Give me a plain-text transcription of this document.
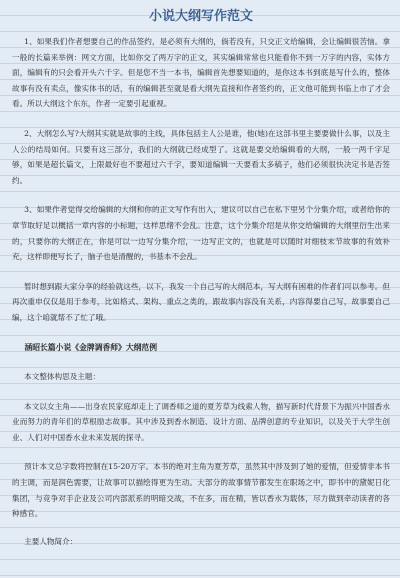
小说大纲写作范文

1、如果我们作者想要自己的作品签约，是必须有大纲的，倘若没有，只交正文给编辑，会让编辑很苦恼。拿一般的长篇来举例：网文方面，比如你交了两万字的正文，其实编辑常常也只能看你不到一万字的内容，实体方面，编辑有的只会看开头六千字。但是您不当一本书，编辑首先想要知道的，是你这本书到底是写什么的，整体故事有没有卖点，像实体书的话，有的编辑甚至就是看大纲先直接和作者签约的，正文他可能到书临上市了才会看。所以大纲这个东东，作者一定要引起重视。

2、大纲怎么写?大纲其实就是故事的主线，具体包括主人公是谁，他(她)在这部书里主要要做什么事，以及主人公的结局如何。只要有这三部分，我们的大纲就已经成型了。这就是要交给编辑看的大纲，一般一两千字足够，如果是超长篇文，上限最好也不要超过六千字，要知道编辑一天要看太多稿子，他们必须很快决定书是否签约。

3、如果作者觉得交给编辑的大纲和你的正文写作有出入，建议可以自己在私下里另个分集介绍，或者给你的章节取好足以概括一章内容的小标题，这样思绪不会乱。注意，这个分集介绍是从你交给编辑的大纲里衍生出来的，只要你的大纲正在，你是可以一边写分集介绍，一边写正文的，也就是可以随时对细枝末节故事的有效补充，这样即便写长了，脑子也是清醒的，书基本不会乱。

暂时想到跟大家分享的经验就这些，以下，我发一个自己写的大纲范本，写大纲有困难的作者们可以参考。但再次重申仅仅是用于参考，比如格式、架构、重点之类的，跟故事内容没有关系，内容得要自己写，故事要自己编，这个咱就帮不了忙了哦。

涵昭长篇小说《金牌调香师》大纲范例
本文整体构思及主题：

本文以女主角——出身农民家庭却走上了调香师之道的夏芳草为线索人物，描写新时代背景下为振兴中国香水业而努力的青年们的草根励志故事。其中涉及到香水制造、设计方面、品牌创意的专业知识，以及关于大学生创业、人们对中国香水业未来发展的探寻。

预计本文总字数将控制在15-20万字。本书的绝对主角为夏芳草，虽然其中涉及到了她的爱情，但爱情非本书的主调，而是润色需要，让故事可以描绘得更为生动。大部分的故事情节都发生在职场之中，即书中的黛妮日化集团，与竞争对手企业及公司内部派系的明暗交战，不在多，而在精，皆以香水为载体，尽力做到牵动读者的各种感官。

主要人物简介：
